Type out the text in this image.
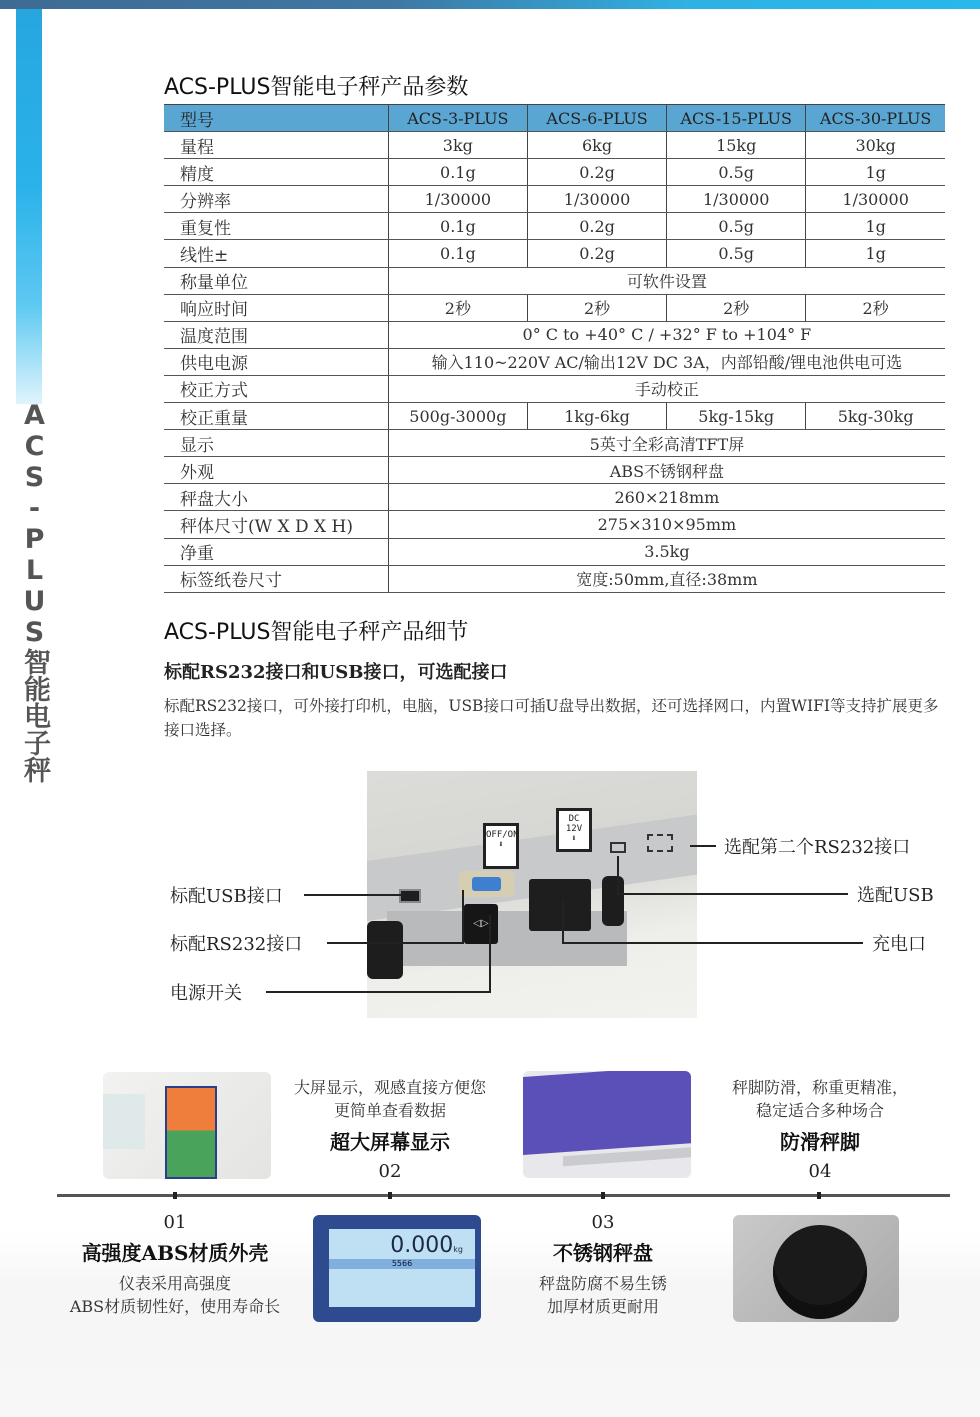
ACS-PLUS智能电子秤
ACS-PLUS智能电子秤产品参数
型号	ACS-3-PLUS	ACS-6-PLUS	ACS-15-PLUS	ACS-30-PLUS
量程	3kg	6kg	15kg	30kg
精度	0.1g	0.2g	0.5g	1g
分辨率	1/30000	1/30000	1/30000	1/30000
重复性	0.1g	0.2g	0.5g	1g
线性±	0.1g	0.2g	0.5g	1g
称量单位	可软件设置			
响应时间	2秒	2秒	2秒	2秒
温度范围	0° C to +40° C / +32° F to +104° F			
供电电源	输入110~220V AC/输出12V DC 3A，内部铅酸/锂电池供电可选			
校正方式	手动校正			
校正重量	500g-3000g	1kg-6kg	5kg-15kg	5kg-30kg
显示	5英寸全彩高清TFT屏			
外观	ABS不锈钢秤盘			
秤盘大小	260×218mm			
秤体尺寸(W X D X H)	275×310×95mm			
净重	3.5kg			
标签纸卷尺寸	宽度:50mm,直径:38mm			
ACS-PLUS智能电子秤产品细节
标配RS232接口和USB接口，可选配接口
标配RS232接口，可外接打印机，电脑，USB接口可插U盘导出数据，还可选择网口，内置WIFI等支持扩展更多接口选择。
OFF/ON
⬇
DC 12V
⬇
◁▷
标配USB接口
标配RS232接口
电源开关
选配第二个RS232接口
选配USB
充电口
0.000kg
5566
大屏显示，观感直接方便您
更简单查看数据
超大屏幕显示
02
秤脚防滑，称重更精准，
稳定适合多种场合
防滑秤脚
04
01
高强度ABS材质外壳
仪表采用高强度
ABS材质韧性好，使用寿命长
03
不锈钢秤盘
秤盘防腐不易生锈
加厚材质更耐用
